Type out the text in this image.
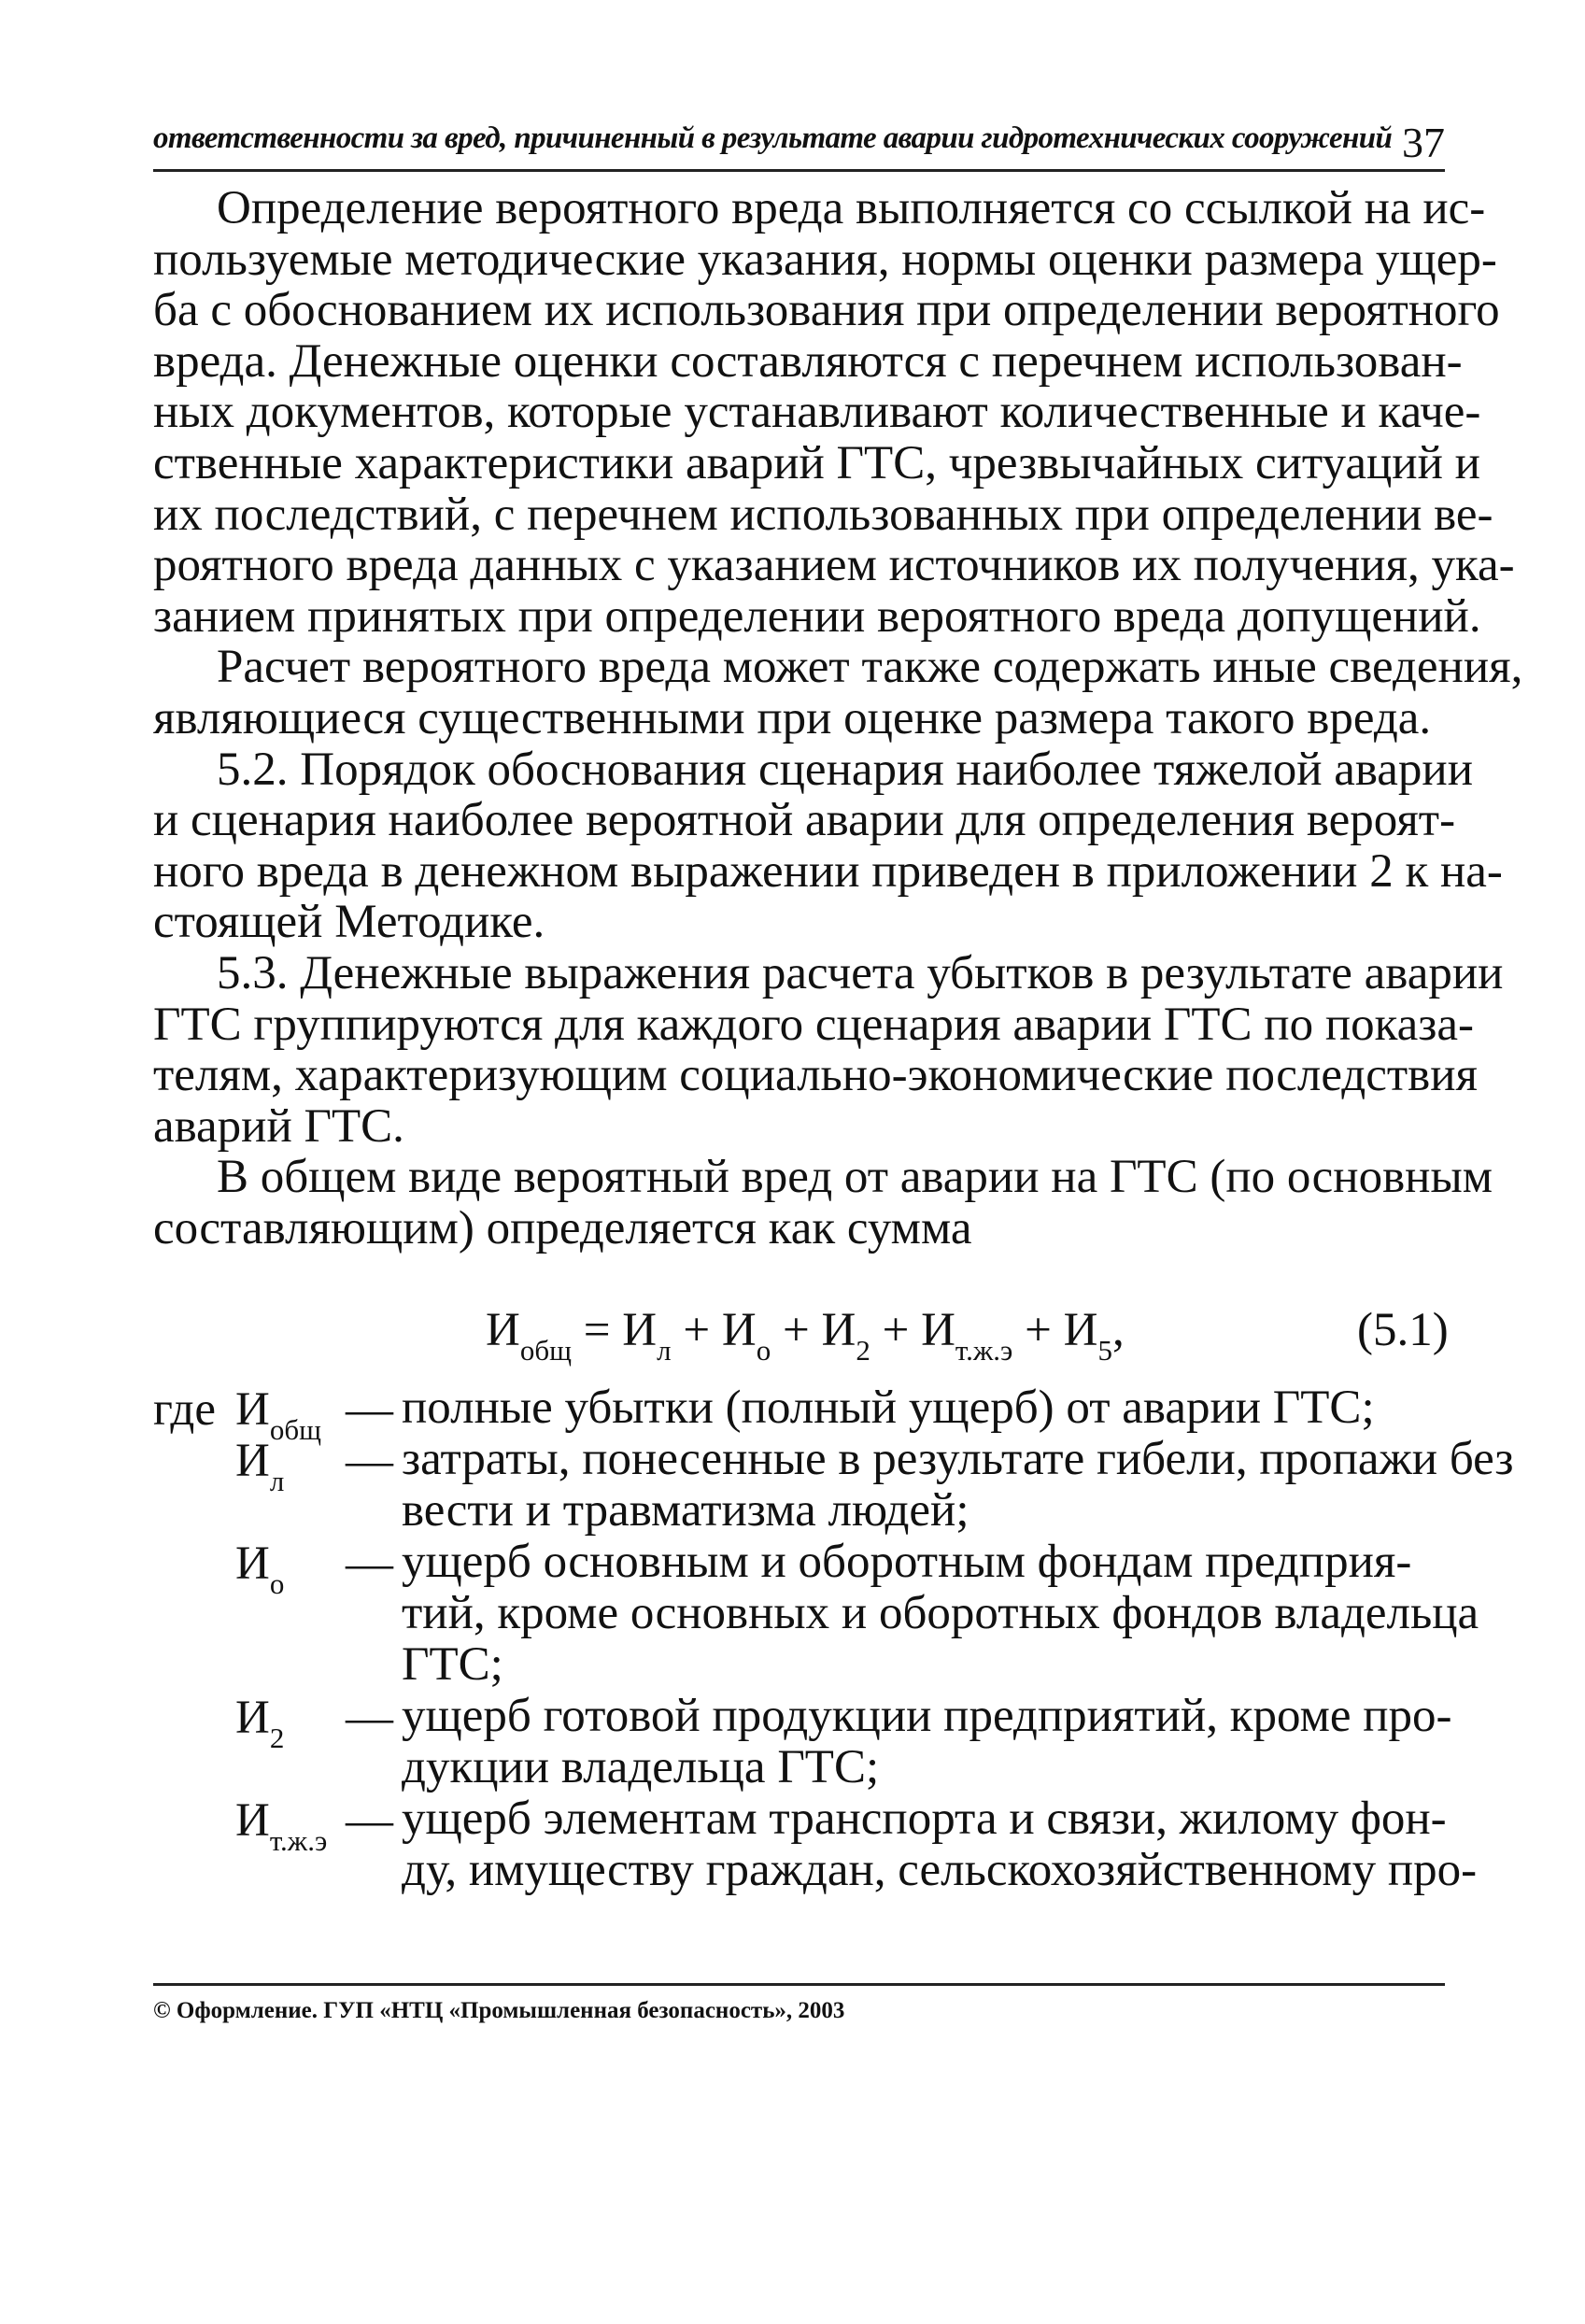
ответственности за вред, причиненный в результате аварии гидротехнических сооружений 37
Определение вероятного вреда выполняется со ссылкой на ис-
пользуемые методические указания, нормы оценки размера ущер-
ба с обоснованием их использования при определении вероятного
вреда. Денежные оценки составляются с перечнем использован-
ных документов, которые устанавливают количественные и каче-
ственные характеристики аварий ГТС, чрезвычайных ситуаций и
их последствий, с перечнем использованных при определении ве-
роятного вреда данных с указанием источников их получения, ука-
занием принятых при определении вероятного вреда допущений.
Расчет вероятного вреда может также содержать иные сведения,
являющиеся существенными при оценке размера такого вреда.
5.2. Порядок обоснования сценария наиболее тяжелой аварии
и сценария наиболее вероятной аварии для определения вероят-
ного вреда в денежном выражении приведен в приложении 2 к на-
стоящей Методике.
5.3. Денежные выражения расчета убытков в результате аварии
ГТС группируются для каждого сценария аварии ГТС по показа-
телям, характеризующим социально-экономические последствия
аварий ГТС.
В общем виде вероятный вред от аварии на ГТС (по основным
составляющим) определяется как сумма
$И_{общ} = И_л + И_о + И_2 + И_{т.ж.э} + И_5$,	(5.1)
где $И_{общ}$ — полные убытки (полный ущерб) от аварии ГТС;
$И_л$ — затраты, понесенные в результате гибели, пропажи без
вести и травматизма людей;
$И_о$ — ущерб основным и оборотным фондам предприя-
тий, кроме основных и оборотных фондов владельца
ГТС;
$И_2$ — ущерб готовой продукции предприятий, кроме про-
дукции владельца ГТС;
$И_{т.ж.э}$ — ущерб элементам транспорта и связи, жилому фон-
ду, имуществу граждан, сельскохозяйственному про-
© Оформление. ГУП «НТЦ «Промышленная безопасность», 2003
